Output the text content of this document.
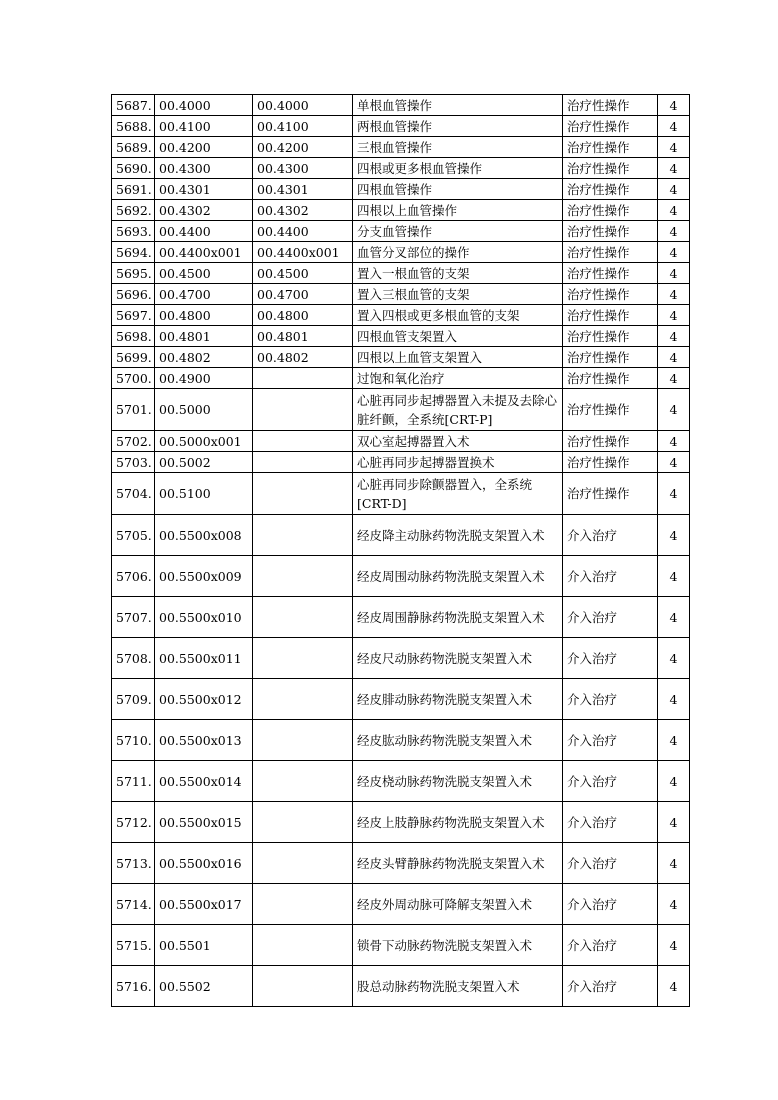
5687.	00.4000	00.4000	单根血管操作	治疗性操作	4
5688.	00.4100	00.4100	两根血管操作	治疗性操作	4
5689.	00.4200	00.4200	三根血管操作	治疗性操作	4
5690.	00.4300	00.4300	四根或更多根血管操作	治疗性操作	4
5691.	00.4301	00.4301	四根血管操作	治疗性操作	4
5692.	00.4302	00.4302	四根以上血管操作	治疗性操作	4
5693.	00.4400	00.4400	分支血管操作	治疗性操作	4
5694.	00.4400x001	00.4400x001	血管分叉部位的操作	治疗性操作	4
5695.	00.4500	00.4500	置入一根血管的支架	治疗性操作	4
5696.	00.4700	00.4700	置入三根血管的支架	治疗性操作	4
5697.	00.4800	00.4800	置入四根或更多根血管的支架	治疗性操作	4
5698.	00.4801	00.4801	四根血管支架置入	治疗性操作	4
5699.	00.4802	00.4802	四根以上血管支架置入	治疗性操作	4
5700.	00.4900		过饱和氧化治疗	治疗性操作	4
5701.	00.5000		心脏再同步起搏器置入未提及去除心脏纤颤，全系统[CRT-P]	治疗性操作	4
5702.	00.5000x001		双心室起搏器置入术	治疗性操作	4
5703.	00.5002		心脏再同步起搏器置换术	治疗性操作	4
5704.	00.5100		心脏再同步除颤器置入，全系统[CRT-D]	治疗性操作	4
5705.	00.5500x008		经皮降主动脉药物洗脱支架置入术	介入治疗	4
5706.	00.5500x009		经皮周围动脉药物洗脱支架置入术	介入治疗	4
5707.	00.5500x010		经皮周围静脉药物洗脱支架置入术	介入治疗	4
5708.	00.5500x011		经皮尺动脉药物洗脱支架置入术	介入治疗	4
5709.	00.5500x012		经皮腓动脉药物洗脱支架置入术	介入治疗	4
5710.	00.5500x013		经皮肱动脉药物洗脱支架置入术	介入治疗	4
5711.	00.5500x014		经皮桡动脉药物洗脱支架置入术	介入治疗	4
5712.	00.5500x015		经皮上肢静脉药物洗脱支架置入术	介入治疗	4
5713.	00.5500x016		经皮头臂静脉药物洗脱支架置入术	介入治疗	4
5714.	00.5500x017		经皮外周动脉可降解支架置入术	介入治疗	4
5715.	00.5501		锁骨下动脉药物洗脱支架置入术	介入治疗	4
5716.	00.5502		股总动脉药物洗脱支架置入术	介入治疗	4
